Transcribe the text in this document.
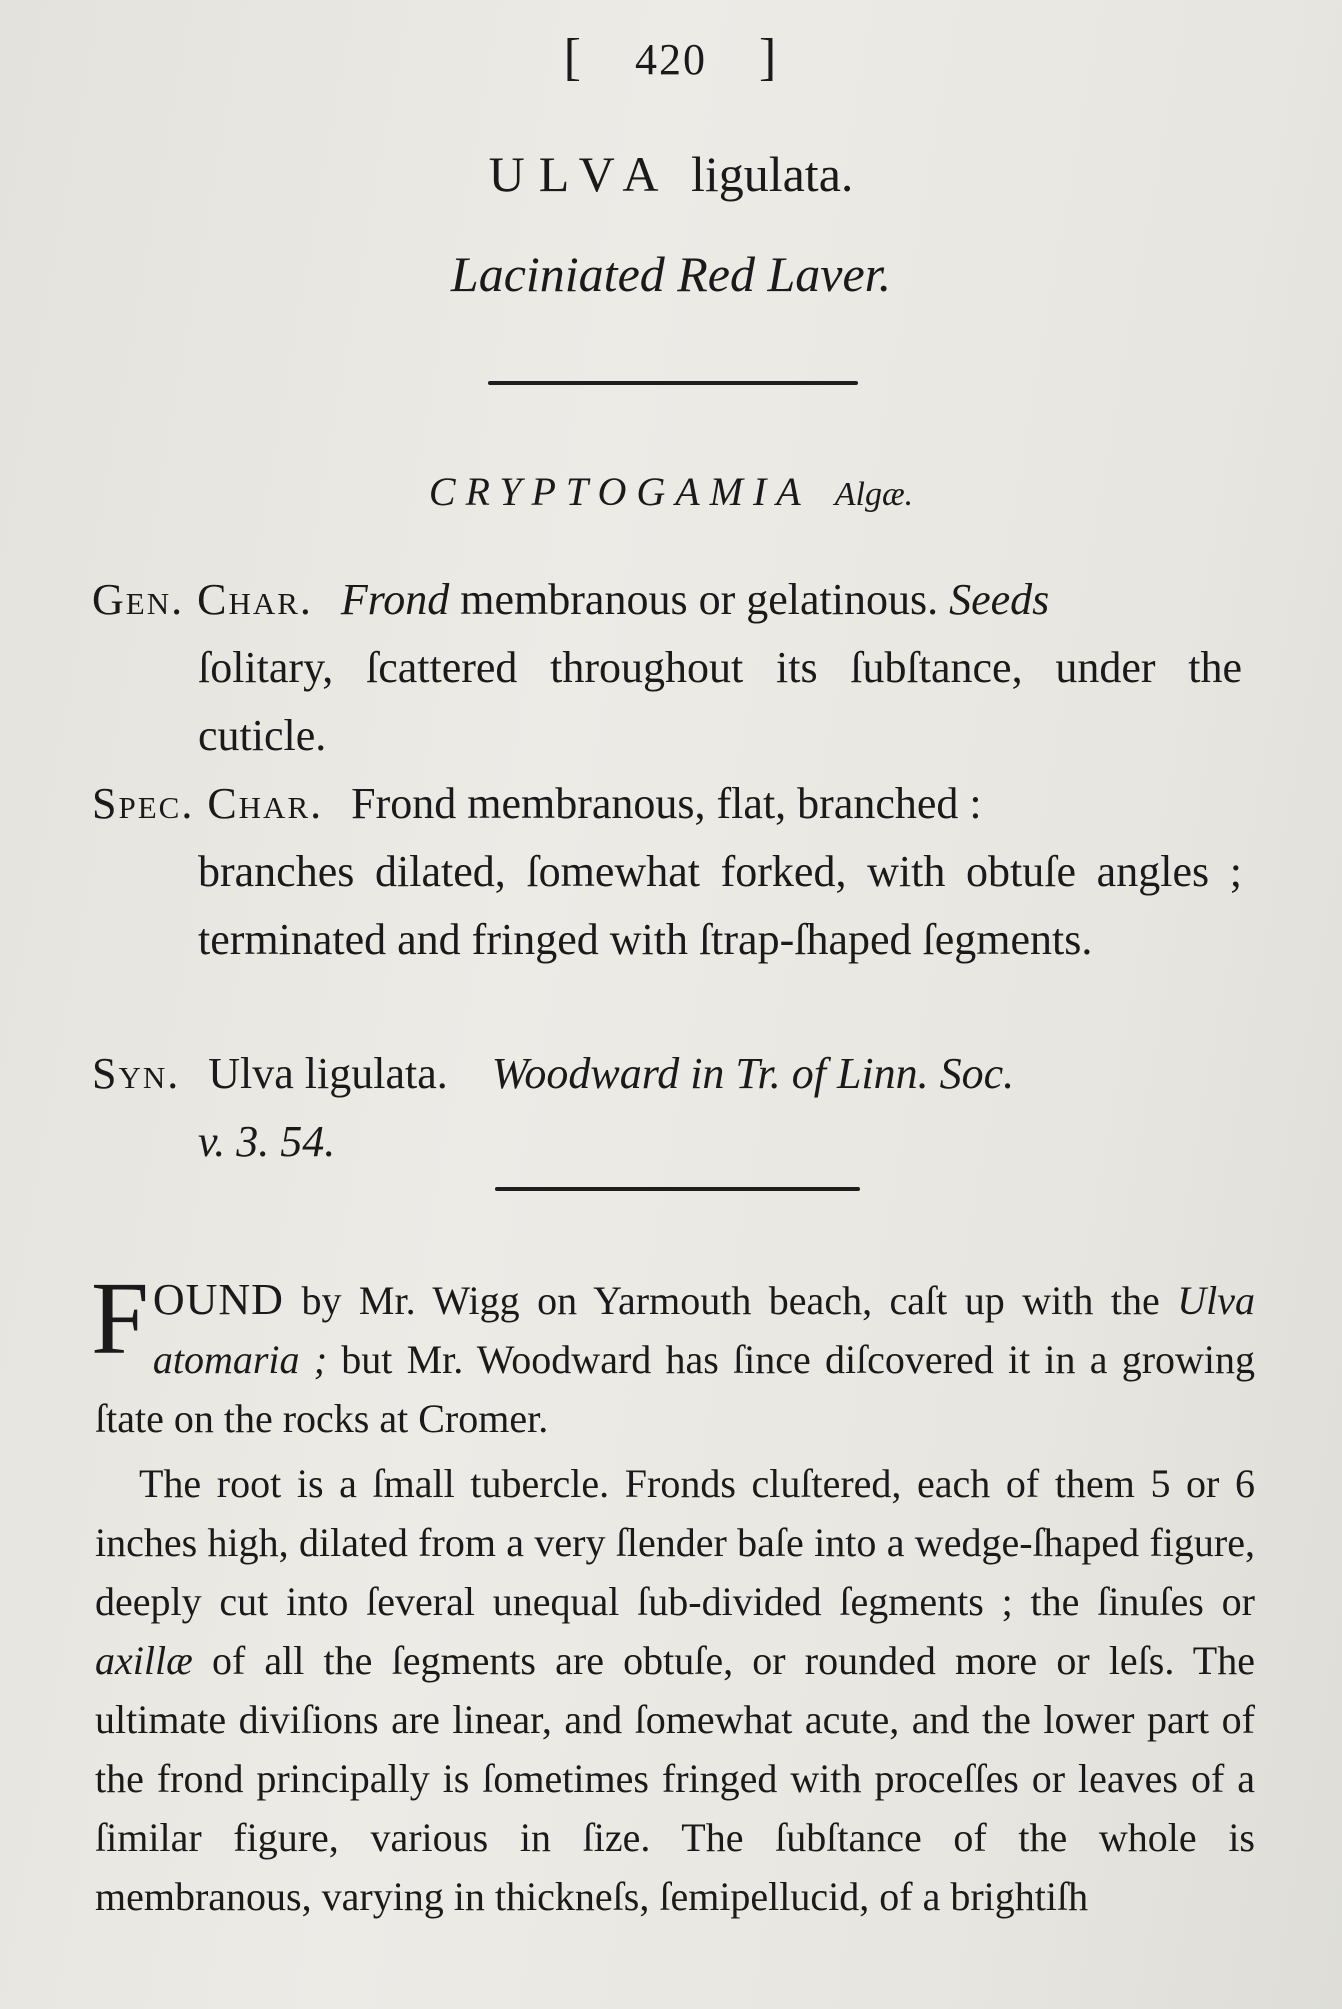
[ 420 ]
ULVA ligulata.
Laciniated Red Laver.
CRYPTOGAMIA Algæ.
Gen. Char. Frond membranous or gelatinous. Seeds
ſolitary, ſcattered throughout its ſubſtance, under the cuticle.
Spec. Char. Frond membranous, flat, branched :
branches dilated, ſomewhat forked, with obtuſe angles ; terminated and fringed with ſtrap-ſhaped ſegments.
Syn. Ulva ligulata. Woodward in Tr. of Linn. Soc.
v. 3. 54.

FOUND by Mr. Wigg on Yarmouth beach, caſt up with the Ulva atomaria ; but Mr. Woodward has ſince diſcovered it in a growing ſtate on the rocks at Cromer.

The root is a ſmall tubercle. Fronds cluſtered, each of them 5 or 6 inches high, dilated from a very ſlender baſe into a wedge-ſhaped figure, deeply cut into ſeveral unequal ſub-divided ſegments ; the ſinuſes or axillæ of all the ſegments are obtuſe, or rounded more or leſs. The ultimate diviſions are linear, and ſomewhat acute, and the lower part of the frond principally is ſometimes fringed with proceſſes or leaves of a ſimilar figure, various in ſize. The ſubſtance of the whole is membranous, varying in thickneſs, ſemipellucid, of a brightiſh
